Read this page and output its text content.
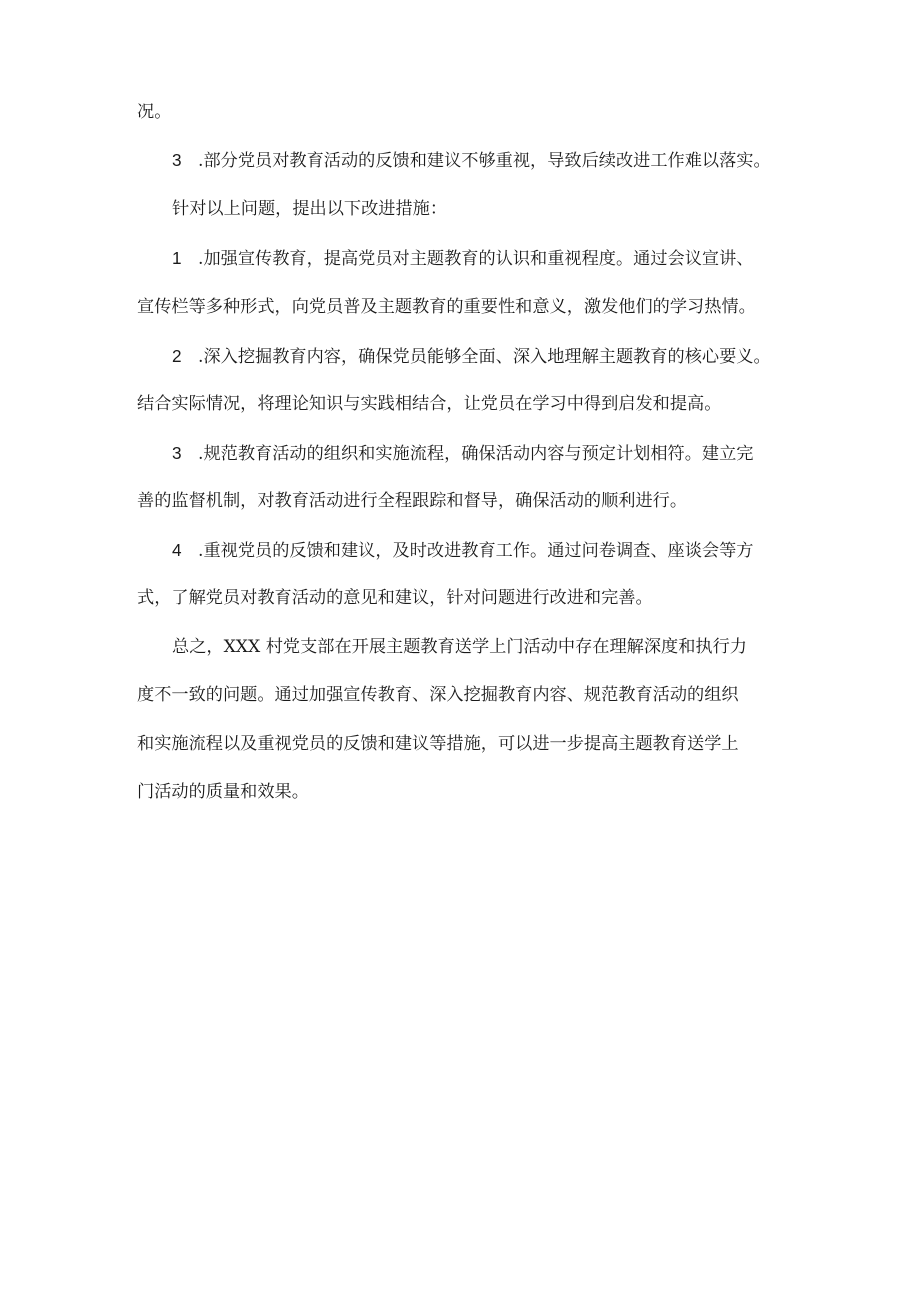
况。
3 .部分党员对教育活动的反馈和建议不够重视，导致后续改进工作难以落实。
针对以上问题，提出以下改进措施：
1 .加强宣传教育，提高党员对主题教育的认识和重视程度。通过会议宣讲、
宣传栏等多种形式，向党员普及主题教育的重要性和意义，激发他们的学习热情。
2 .深入挖掘教育内容，确保党员能够全面、深入地理解主题教育的核心要义。
结合实际情况，将理论知识与实践相结合，让党员在学习中得到启发和提高。
3 .规范教育活动的组织和实施流程，确保活动内容与预定计划相符。建立完
善的监督机制，对教育活动进行全程跟踪和督导，确保活动的顺利进行。
4 .重视党员的反馈和建议，及时改进教育工作。通过问卷调查、座谈会等方
式，了解党员对教育活动的意见和建议，针对问题进行改进和完善。
总之，XXX 村党支部在开展主题教育送学上门活动中存在理解深度和执行力
度不一致的问题。通过加强宣传教育、深入挖掘教育内容、规范教育活动的组织
和实施流程以及重视党员的反馈和建议等措施，可以进一步提高主题教育送学上
门活动的质量和效果。
